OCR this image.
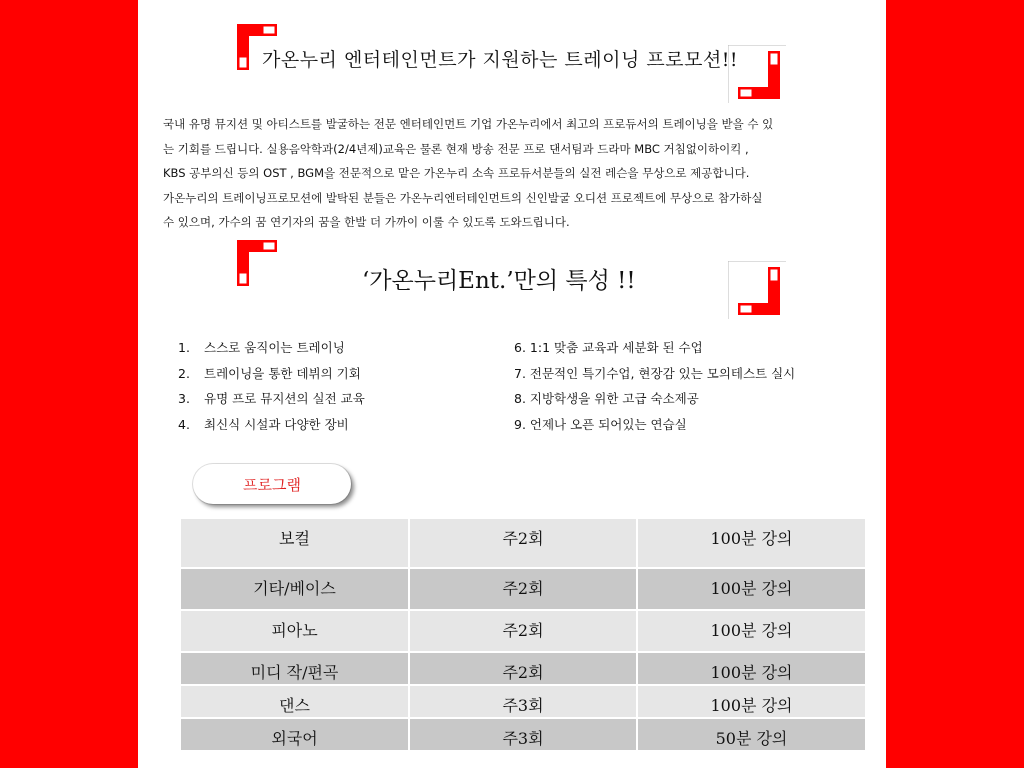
가온누리 엔터테인먼트가 지원하는 트레이닝 프로모션!!

국내 유명 뮤지션 및 아티스트를 발굴하는 전문 엔터테인먼트 기업 가온누리에서 최고의 프로듀서의 트레이닝을 받을 수 있

는 기회를 드립니다. 실용음악학과(2/4년제)교육은 물론 현재 방송 전문 프로 댄서팀과 드라마 MBC 거침없이하이킥 ,

KBS 공부의신 등의 OST , BGM을 전문적으로 맡은 가온누리 소속 프로듀서분들의 실전 레슨을 무상으로 제공합니다.

가온누리의 트레이닝프로모션에 발탁된 분들은 가온누리엔터테인먼트의 신인발굴 오디션 프로젝트에 무상으로 참가하실

수 있으며, 가수의 꿈 연기자의 꿈을 한발 더 가까이 이룰 수 있도록 도와드립니다.

‘가온누리Ent.’만의 특성 !!
1. 스스로 움직이는 트레이닝
2. 트레이닝을 통한 데뷔의 기회
3. 유명 프로 뮤지션의 실전 교육
4. 최신식 시설과 다양한 장비
6. 1:1 맞춤 교육과 세분화 된 수업
7. 전문적인 특기수업, 현장감 있는 모의테스트 실시
8. 지방학생을 위한 고급 숙소제공
9. 언제나 오픈 되어있는 연습실
프로그램
보컬	주2회	100분 강의
기타/베이스	주2회	100분 강의
피아노	주2회	100분 강의
미디 작/편곡	주2회	100분 강의
댄스	주3회	100분 강의
외국어	주3회	50분 강의
